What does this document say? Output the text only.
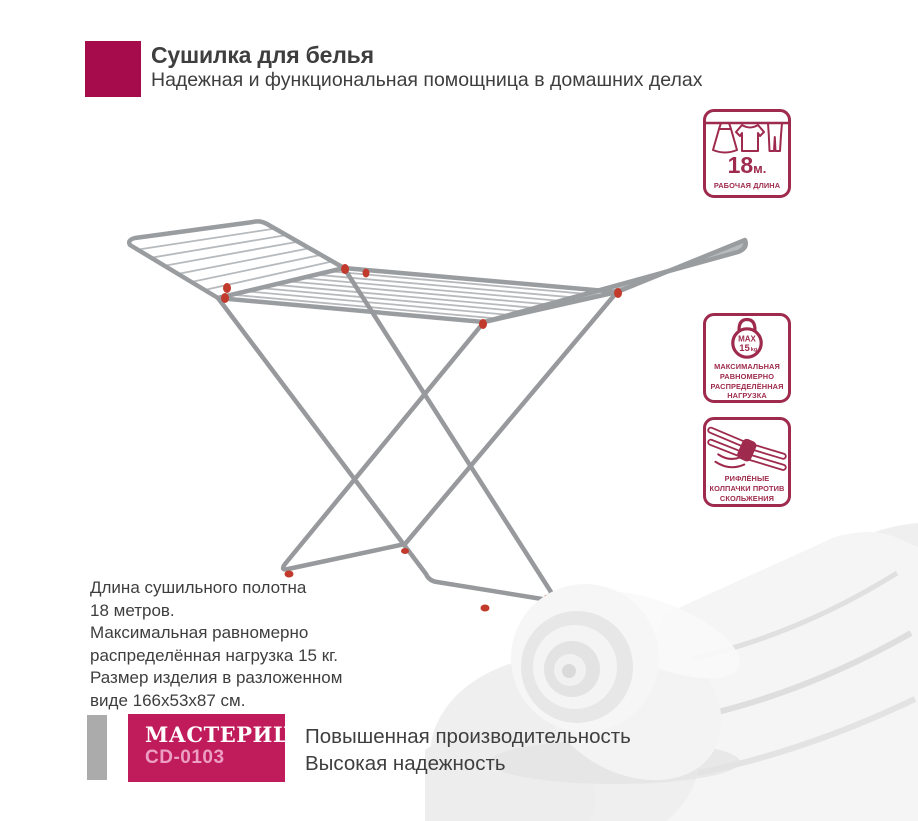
Сушилка для белья
Надежная и функциональная помощница в домашних делах
18м.
РАБОЧАЯ ДЛИНА
MAX
15 kg
МАКСИМАЛЬНАЯ
РАВНОМЕРНО
РАСПРЕДЕЛЁННАЯ
НАГРУЗКА
РИФЛЁНЫЕ
КОЛПАЧКИ ПРОТИВ
СКОЛЬЖЕНИЯ
Длина сушильного полотна
18 метров.
Максимальная равномерно
распределённая нагрузка 15 кг.
Размер изделия в разложенном
виде 166х53х87 см.
МАСТЕРИЦА
CD-0103
Повышенная производительность
Высокая надежность
